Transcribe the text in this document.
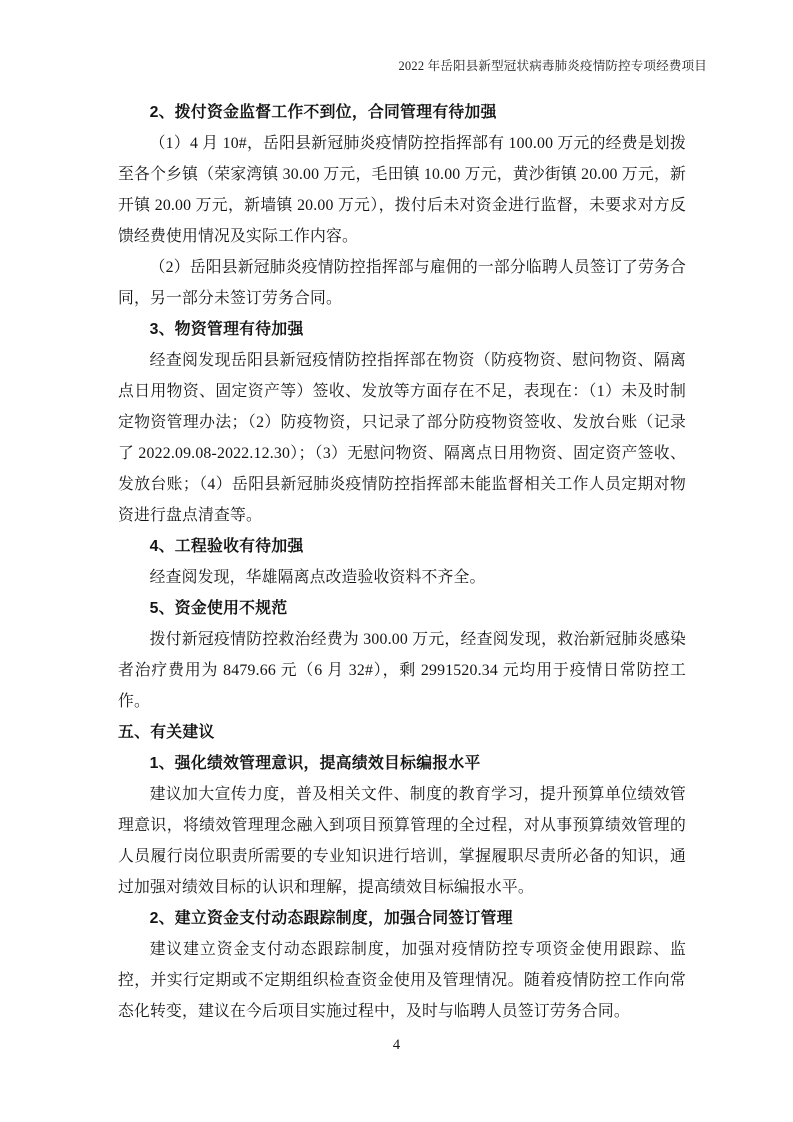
2022 年岳阳县新型冠状病毒肺炎疫情防控专项经费项目
2、拨付资金监督工作不到位，合同管理有待加强

（1）4 月 10#，岳阳县新冠肺炎疫情防控指挥部有 100.00 万元的经费是划拨至各个乡镇（荣家湾镇 30.00 万元，毛田镇 10.00 万元，黄沙街镇 20.00 万元，新开镇 20.00 万元，新墙镇 20.00 万元），拨付后未对资金进行监督，未要求对方反馈经费使用情况及实际工作内容。

（2）岳阳县新冠肺炎疫情防控指挥部与雇佣的一部分临聘人员签订了劳务合同，另一部分未签订劳务合同。

3、物资管理有待加强

经查阅发现岳阳县新冠疫情防控指挥部在物资（防疫物资、慰问物资、隔离点日用物资、固定资产等）签收、发放等方面存在不足，表现在：（1）未及时制定物资管理办法；（2）防疫物资，只记录了部分防疫物资签收、发放台账（记录了 2022.09.08-2022.12.30）；（3）无慰问物资、隔离点日用物资、固定资产签收、发放台账；（4）岳阳县新冠肺炎疫情防控指挥部未能监督相关工作人员定期对物资进行盘点清查等。

4、工程验收有待加强

经查阅发现，华雄隔离点改造验收资料不齐全。

5、资金使用不规范

拨付新冠疫情防控救治经费为 300.00 万元，经查阅发现，救治新冠肺炎感染者治疗费用为 8479.66 元（6 月 32#），剩 2991520.34 元均用于疫情日常防控工作。

五、有关建议
1、强化绩效管理意识，提高绩效目标编报水平

建议加大宣传力度，普及相关文件、制度的教育学习，提升预算单位绩效管理意识，将绩效管理理念融入到项目预算管理的全过程，对从事预算绩效管理的人员履行岗位职责所需要的专业知识进行培训，掌握履职尽责所必备的知识，通过加强对绩效目标的认识和理解，提高绩效目标编报水平。

2、建立资金支付动态跟踪制度，加强合同签订管理

建议建立资金支付动态跟踪制度，加强对疫情防控专项资金使用跟踪、监控，并实行定期或不定期组织检查资金使用及管理情况。随着疫情防控工作向常态化转变，建议在今后项目实施过程中，及时与临聘人员签订劳务合同。

4
